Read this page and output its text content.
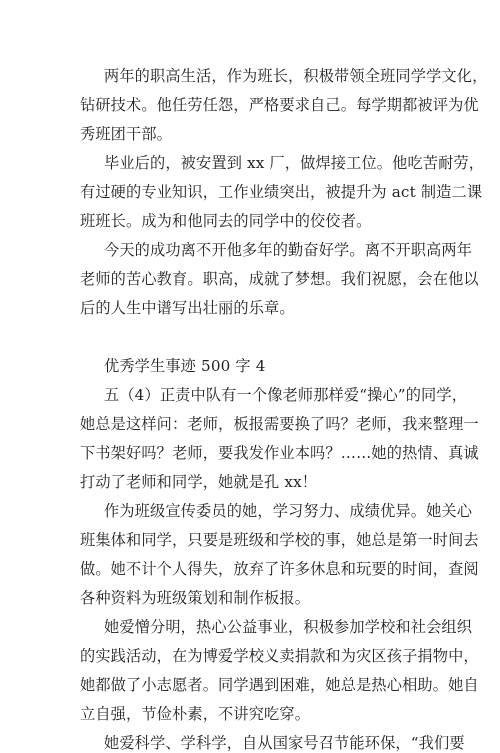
两年的职高生活，作为班长，积极带领全班同学学文化，
钻研技术。他任劳任怨，严格要求自己。每学期都被评为优
秀班团干部。
毕业后的，被安置到 xx 厂，做焊接工位。他吃苦耐劳，
有过硬的专业知识，工作业绩突出，被提升为 act 制造二课
班班长。成为和他同去的同学中的佼佼者。
今天的成功离不开他多年的勤奋好学。离不开职高两年
老师的苦心教育。职高，成就了梦想。我们祝愿，会在他以
后的人生中谱写出壮丽的乐章。
优秀学生事迹 500 字 4
五（4）正责中队有一个像老师那样爱“操心”的同学，
她总是这样问：老师，板报需要换了吗？老师，我来整理一
下书架好吗？老师，要我发作业本吗？……她的热情、真诚
打动了老师和同学，她就是孔 xx！
作为班级宣传委员的她，学习努力、成绩优异。她关心
班集体和同学，只要是班级和学校的事，她总是第一时间去
做。她不计个人得失，放弃了许多休息和玩要的时间，查阅
各种资料为班级策划和制作板报。
她爱憎分明，热心公益事业，积极参加学校和社会组织
的实践活动，在为博爱学校义卖捐款和为灾区孩子捐物中，
她都做了小志愿者。同学遇到困难，她总是热心相助。她自
立自强，节俭朴素，不讲究吃穿。
她爱科学、学科学，自从国家号召节能环保，“我们要
